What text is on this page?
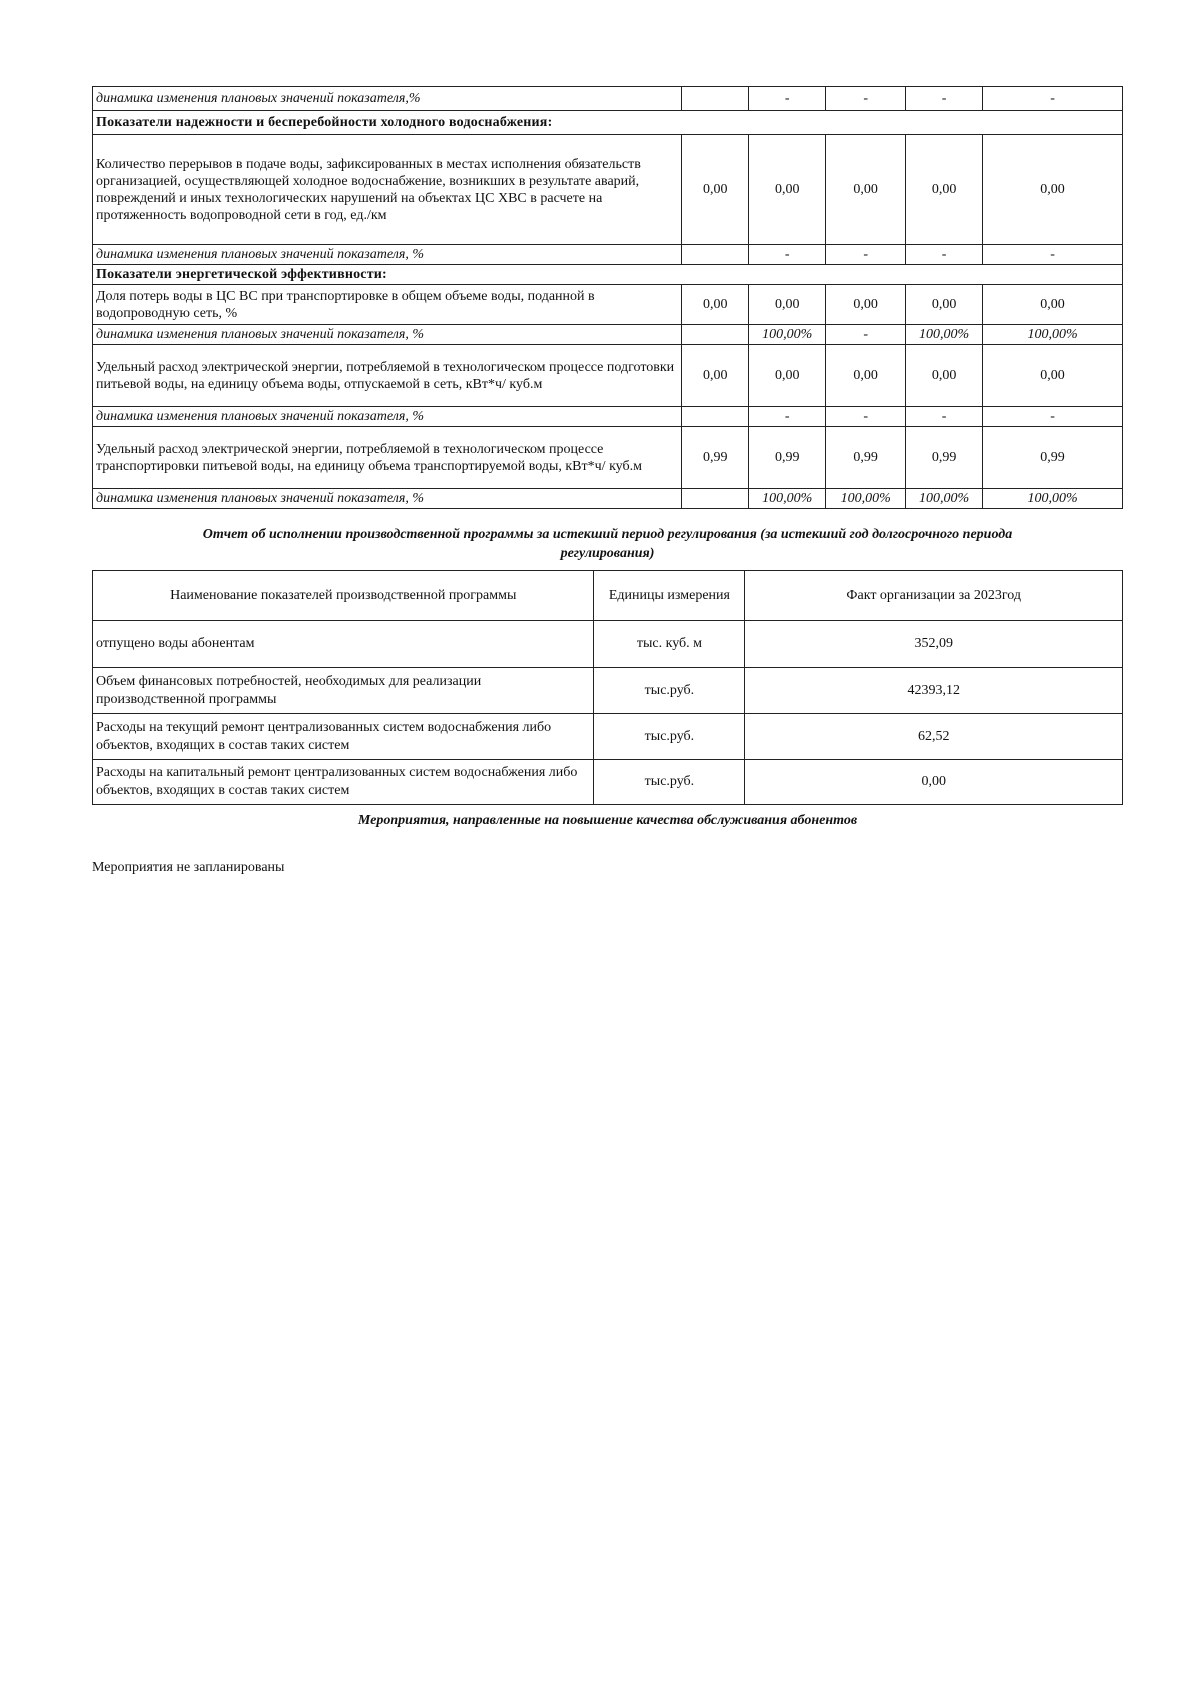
динамика изменения плановых значений показателя,%		-	-	-	-
Показатели надежности и бесперебойности холодного водоснабжения:					
Количество перерывов в подаче воды, зафиксированных в местах исполнения обязательств организацией, осуществляющей холодное водоснабжение, возникших в результате аварий, повреждений и иных технологических нарушений на объектах ЦС ХВС в расчете на протяженность водопроводной сети в год, ед./км	0,00	0,00	0,00	0,00	0,00
динамика изменения плановых значений показателя, %		-	-	-	-
Показатели энергетической эффективности:					
Доля потерь воды в ЦС ВС при транспортировке в общем объеме воды, поданной в водопроводную сеть, %	0,00	0,00	0,00	0,00	0,00
динамика изменения плановых значений показателя, %		100,00%	-	100,00%	100,00%
Удельный расход электрической энергии, потребляемой в технологическом процессе подготовки питьевой воды, на единицу объема воды, отпускаемой в сеть, кВт*ч/ куб.м	0,00	0,00	0,00	0,00	0,00
динамика изменения плановых значений показателя, %		-	-	-	-
Удельный расход электрической энергии, потребляемой в технологическом процессе транспортировки питьевой воды, на единицу объема транспортируемой воды, кВт*ч/ куб.м	0,99	0,99	0,99	0,99	0,99
динамика изменения плановых значений показателя, %		100,00%	100,00%	100,00%	100,00%
Отчет об исполнении производственной программы за истекший период регулирования (за истекший год долгосрочного периода
регулирования)
Наименование показателей производственной программы	Единицы измерения	Факт организации за 2023год
отпущено воды абонентам	тыс. куб. м	352,09
Объем финансовых потребностей, необходимых для реализации производственной программы	тыс.руб.	42393,12
Расходы на текущий ремонт централизованных систем водоснабжения либо объектов, входящих в состав таких систем	тыс.руб.	62,52
Расходы на капитальный ремонт централизованных систем водоснабжения либо объектов, входящих в состав таких систем	тыс.руб.	0,00
Мероприятия, направленные на повышение качества обслуживания абонентов
Мероприятия не запланированы
